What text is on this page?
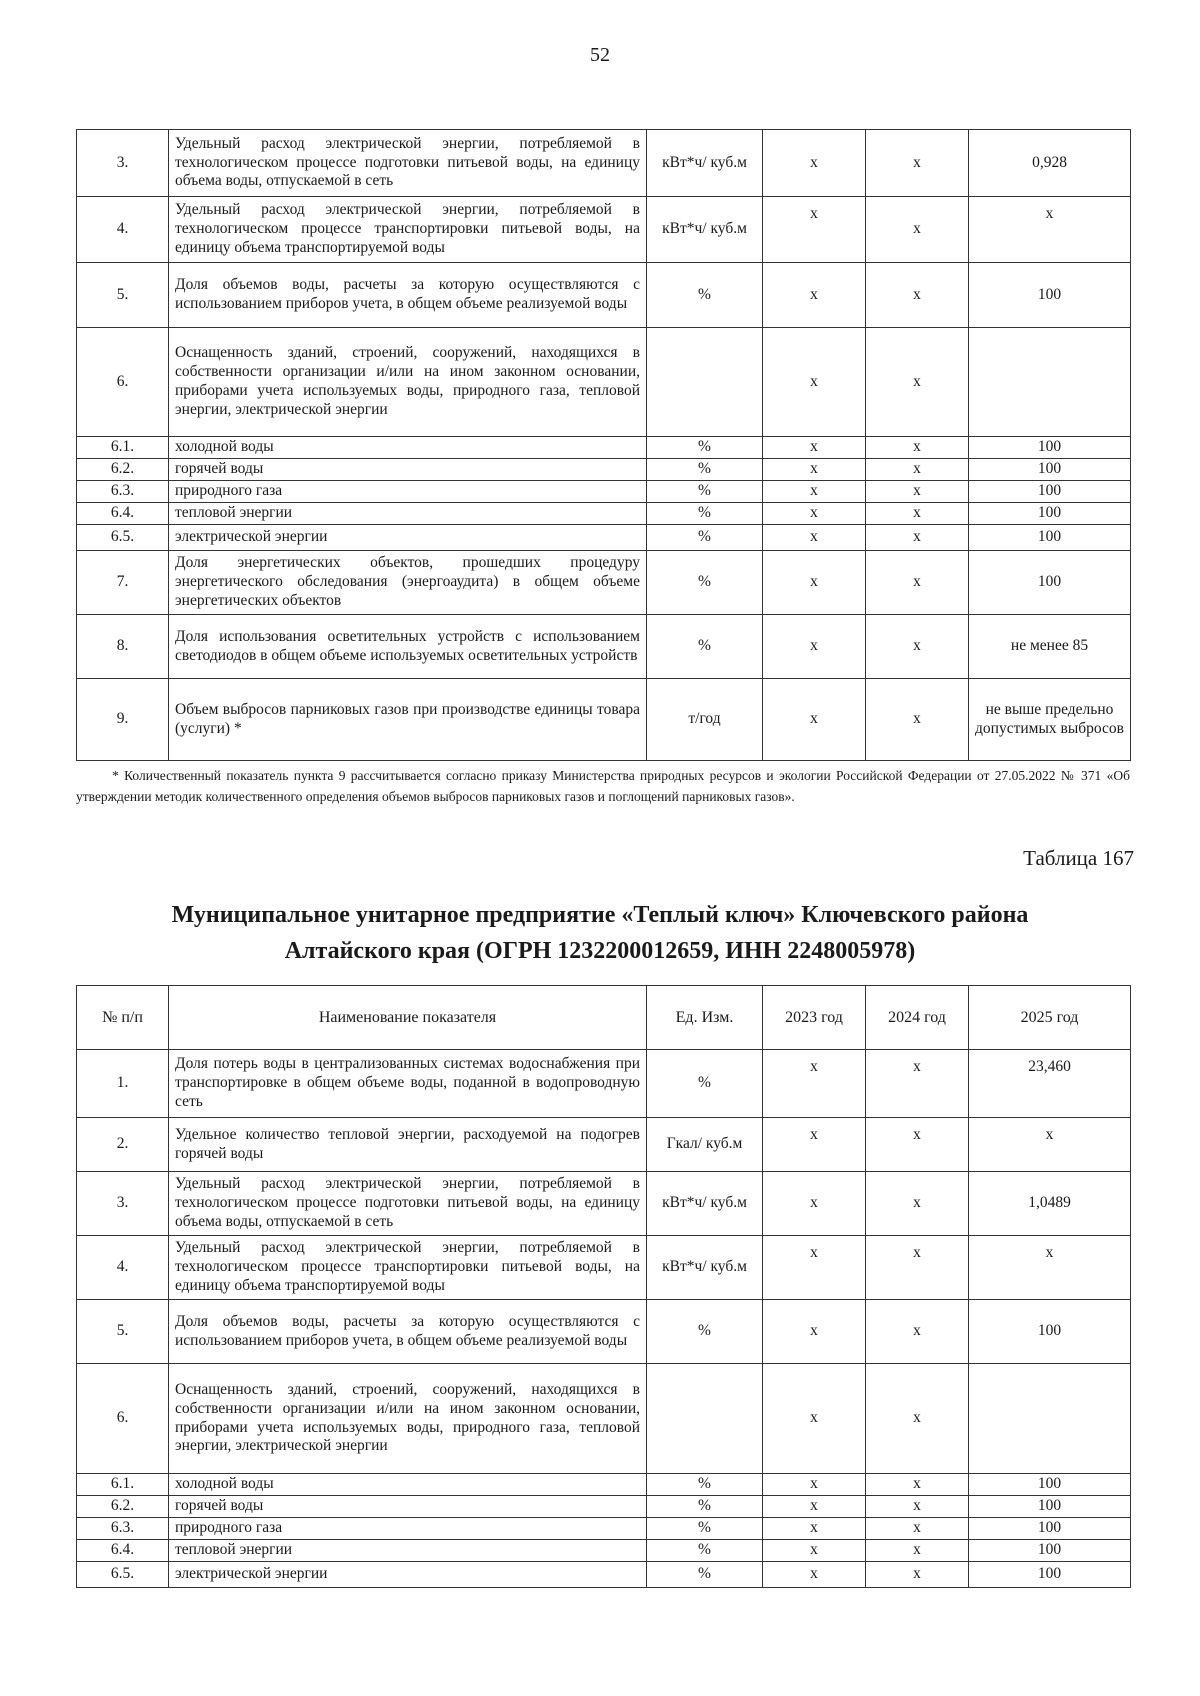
52
3.	Удельный расход электрической энергии, потребляемой в технологическом процессе подготовки питьевой воды, на единицу объема воды, отпускаемой в сеть	кВт*ч/ куб.м	х	х	0,928
4.	Удельный расход электрической энергии, потребляемой в технологическом процессе транспортировки питьевой воды, на единицу объема транспортируемой воды	кВт*ч/ куб.м	х	х	х
5.	Доля объемов воды, расчеты за которую осуществляются с использованием приборов учета, в общем объеме реализуемой воды	%	х	х	100
6.	Оснащенность зданий, строений, сооружений, находящихся в собственности организации и/или на ином законном основании, приборами учета используемых воды, природного газа, тепловой энергии, электрической энергии		х	х	
6.1.	холодной воды	%	х	х	100
6.2.	горячей воды	%	х	х	100
6.3.	природного газа	%	х	х	100
6.4.	тепловой энергии	%	х	х	100
6.5.	электрической энергии	%	х	х	100
7.	Доля энергетических объектов, прошедших процедуру энергетического обследования (энергоаудита) в общем объеме энергетических объектов	%	х	х	100
8.	Доля использования осветительных устройств с использованием светодиодов в общем объеме используемых осветительных устройств	%	х	х	не менее 85
9.	Объем выбросов парниковых газов при производстве единицы товара (услуги) *	т/год	х	х	не выше предельно допустимых выбросов
* Количественный показатель пункта 9 рассчитывается согласно приказу Министерства природных ресурсов и экологии Российской Федерации от 27.05.2022 № 371 «Об утверждении методик количественного определения объемов выбросов парниковых газов и поглощений парниковых газов».
Таблица 167
Муниципальное унитарное предприятие «Теплый ключ» Ключевского района
Алтайского края (ОГРН 1232200012659, ИНН 2248005978)
№ п/п	Наименование показателя	Ед. Изм.	2023 год	2024 год	2025 год
1.	Доля потерь воды в централизованных системах водоснабжения при транспортировке в общем объеме воды, поданной в водопроводную сеть	%	х	х	23,460
2.	Удельное количество тепловой энергии, расходуемой на подогрев горячей воды	Гкал/ куб.м	х	х	х
3.	Удельный расход электрической энергии, потребляемой в технологическом процессе подготовки питьевой воды, на единицу объема воды, отпускаемой в сеть	кВт*ч/ куб.м	х	х	1,0489
4.	Удельный расход электрической энергии, потребляемой в технологическом процессе транспортировки питьевой воды, на единицу объема транспортируемой воды	кВт*ч/ куб.м	х	х	х
5.	Доля объемов воды, расчеты за которую осуществляются с использованием приборов учета, в общем объеме реализуемой воды	%	х	х	100
6.	Оснащенность зданий, строений, сооружений, находящихся в собственности организации и/или на ином законном основании, приборами учета используемых воды, природного газа, тепловой энергии, электрической энергии		х	х	
6.1.	холодной воды	%	х	х	100
6.2.	горячей воды	%	х	х	100
6.3.	природного газа	%	х	х	100
6.4.	тепловой энергии	%	х	х	100
6.5.	электрической энергии	%	х	х	100
